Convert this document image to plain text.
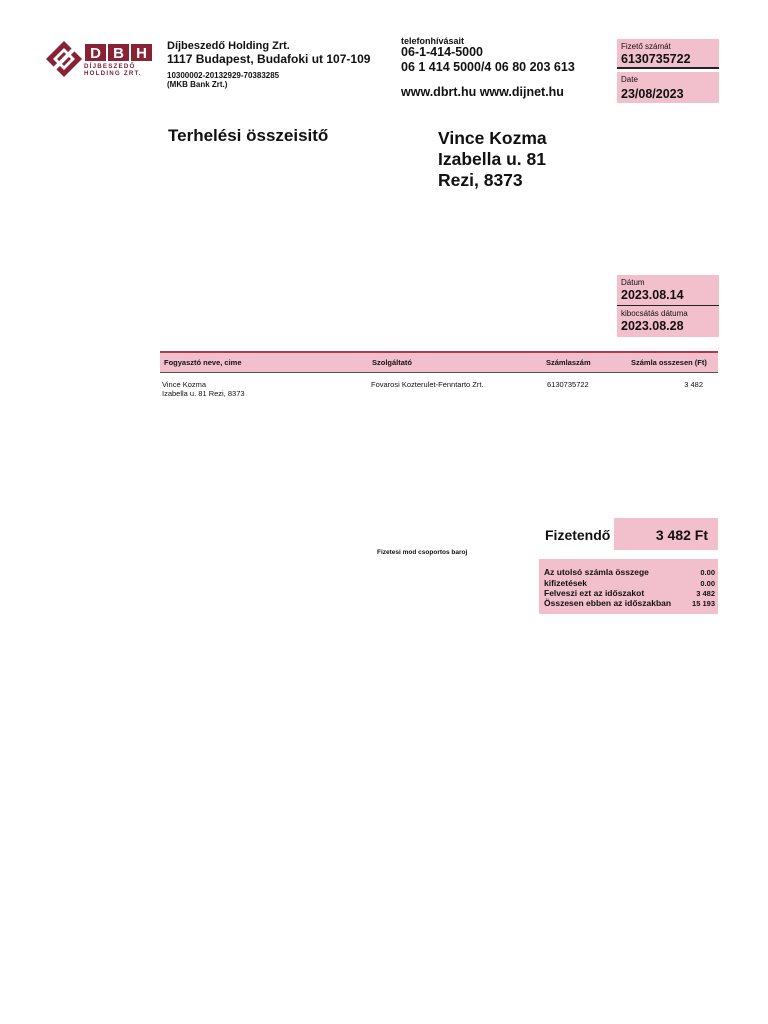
D B H
DÍJBESZEDŐ
HOLDING ZRT.
Díjbeszedő Holding Zrt.
1117 Budapest, Budafoki ut 107-109
10300002-20132929-70383285
(MKB Bank Zrt.)
telefonhívásait
06-1-414-5000
06 1 414 5000/4 06 80 203 613
www.dbrt.hu www.dijnet.hu
Fizető számát
6130735722
Date
23/08/2023
Terhelési összeisitő	Vince Kozma
Izabella u. 81
Rezi, 8373
Dátum
2023.08.14
kibocsátás dátuma
2023.08.28
Fogyasztó neve, cime	Szolgáltató	Számlaszám	Számla osszesen (Ft)
Vince Kozma
Izabella u. 81 Rezi, 8373
Fovarosi Kozterulet-Fenntarto Zrt.	6130735722	3 482
Fizetendő	3 482 Ft
Fizetesi mod csoportos baroj
Az utolsó számla összege	0.00
kifizetések	0.00
Felveszi ezt az időszakot	3 482
Összesen ebben az időszakban	15 193
